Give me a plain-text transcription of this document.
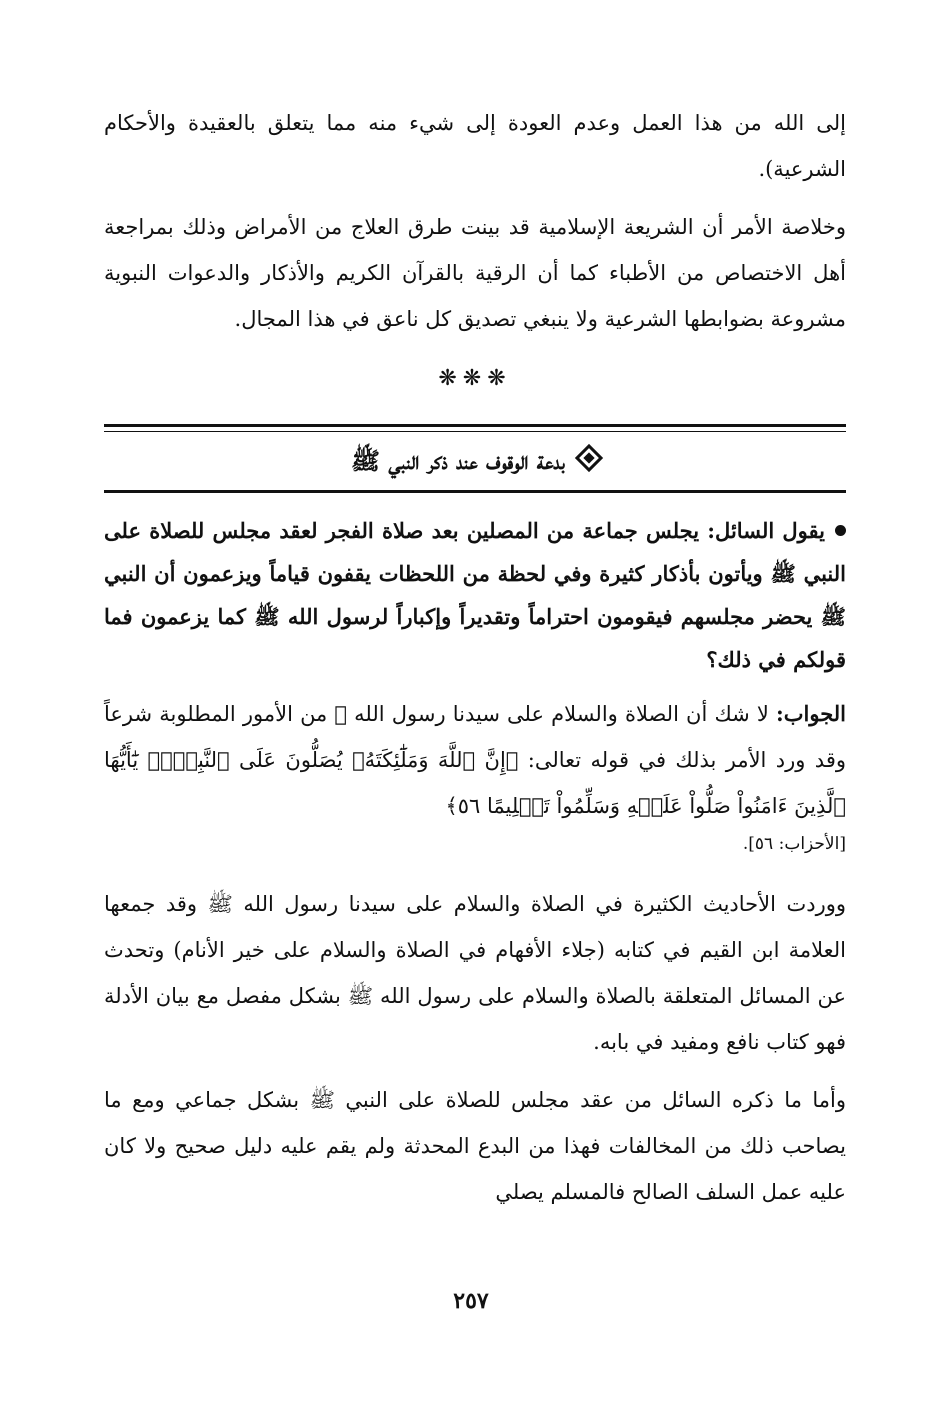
إلى الله من هذا العمل وعدم العودة إلى شيء منه مما يتعلق بالعقيدة والأحكام الشرعية).

وخلاصة الأمر أن الشريعة الإسلامية قد بينت طرق العلاج من الأمراض وذلك بمراجعة أهل الاختصاص من الأطباء كما أن الرقية بالقرآن الكريم والأذكار والدعوات النبوية مشروعة بضوابطها الشرعية ولا ينبغي تصديق كل ناعق في هذا المجال.

❋❋❋
بدعة الوقوف عند ذكر النبي ﷺ

يقول السائل: يجلس جماعة من المصلين بعد صلاة الفجر لعقد مجلس للصلاة على النبي ﷺ ويأتون بأذكار كثيرة وفي لحظة من اللحظات يقفون قياماً ويزعمون أن النبي ﷺ يحضر مجلسهم فيقومون احتراماً وتقديراً وإكباراً لرسول الله ﷺ كما يزعمون فما قولكم في ذلك؟

الجواب: لا شك أن الصلاة والسلام على سيدنا رسول الله ﷺ من الأمور المطلوبة شرعاً وقد ورد الأمر بذلك في قوله تعالى: ﴿إِنَّ ٱللَّهَ وَمَلَٰٓئِكَتَهُۥ يُصَلُّونَ عَلَى ٱلنَّبِيِّۚ يَٰٓأَيُّهَا ٱلَّذِينَ ءَامَنُواْ صَلُّواْ عَلَيۡهِ وَسَلِّمُواْ تَسۡلِيمًا ٥٦﴾

[الأحزاب: ٥٦].

ووردت الأحاديث الكثيرة في الصلاة والسلام على سيدنا رسول الله ﷺ وقد جمعها العلامة ابن القيم في كتابه (جلاء الأفهام في الصلاة والسلام على خير الأنام) وتحدث عن المسائل المتعلقة بالصلاة والسلام على رسول الله ﷺ بشكل مفصل مع بيان الأدلة فهو كتاب نافع ومفيد في بابه.

وأما ما ذكره السائل من عقد مجلس للصلاة على النبي ﷺ بشكل جماعي ومع ما يصاحب ذلك من المخالفات فهذا من البدع المحدثة ولم يقم عليه دليل صحيح ولا كان عليه عمل السلف الصالح فالمسلم يصلي

٢٥٧
